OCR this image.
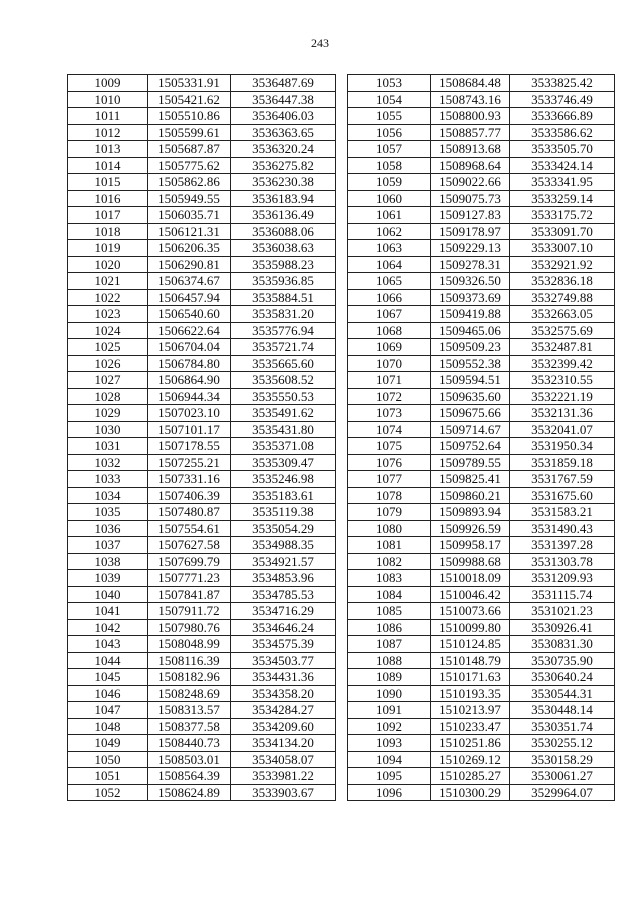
243
1009	1505331.91	3536487.69
1010	1505421.62	3536447.38
1011	1505510.86	3536406.03
1012	1505599.61	3536363.65
1013	1505687.87	3536320.24
1014	1505775.62	3536275.82
1015	1505862.86	3536230.38
1016	1505949.55	3536183.94
1017	1506035.71	3536136.49
1018	1506121.31	3536088.06
1019	1506206.35	3536038.63
1020	1506290.81	3535988.23
1021	1506374.67	3535936.85
1022	1506457.94	3535884.51
1023	1506540.60	3535831.20
1024	1506622.64	3535776.94
1025	1506704.04	3535721.74
1026	1506784.80	3535665.60
1027	1506864.90	3535608.52
1028	1506944.34	3535550.53
1029	1507023.10	3535491.62
1030	1507101.17	3535431.80
1031	1507178.55	3535371.08
1032	1507255.21	3535309.47
1033	1507331.16	3535246.98
1034	1507406.39	3535183.61
1035	1507480.87	3535119.38
1036	1507554.61	3535054.29
1037	1507627.58	3534988.35
1038	1507699.79	3534921.57
1039	1507771.23	3534853.96
1040	1507841.87	3534785.53
1041	1507911.72	3534716.29
1042	1507980.76	3534646.24
1043	1508048.99	3534575.39
1044	1508116.39	3534503.77
1045	1508182.96	3534431.36
1046	1508248.69	3534358.20
1047	1508313.57	3534284.27
1048	1508377.58	3534209.60
1049	1508440.73	3534134.20
1050	1508503.01	3534058.07
1051	1508564.39	3533981.22
1052	1508624.89	3533903.67
1053	1508684.48	3533825.42
1054	1508743.16	3533746.49
1055	1508800.93	3533666.89
1056	1508857.77	3533586.62
1057	1508913.68	3533505.70
1058	1508968.64	3533424.14
1059	1509022.66	3533341.95
1060	1509075.73	3533259.14
1061	1509127.83	3533175.72
1062	1509178.97	3533091.70
1063	1509229.13	3533007.10
1064	1509278.31	3532921.92
1065	1509326.50	3532836.18
1066	1509373.69	3532749.88
1067	1509419.88	3532663.05
1068	1509465.06	3532575.69
1069	1509509.23	3532487.81
1070	1509552.38	3532399.42
1071	1509594.51	3532310.55
1072	1509635.60	3532221.19
1073	1509675.66	3532131.36
1074	1509714.67	3532041.07
1075	1509752.64	3531950.34
1076	1509789.55	3531859.18
1077	1509825.41	3531767.59
1078	1509860.21	3531675.60
1079	1509893.94	3531583.21
1080	1509926.59	3531490.43
1081	1509958.17	3531397.28
1082	1509988.68	3531303.78
1083	1510018.09	3531209.93
1084	1510046.42	3531115.74
1085	1510073.66	3531021.23
1086	1510099.80	3530926.41
1087	1510124.85	3530831.30
1088	1510148.79	3530735.90
1089	1510171.63	3530640.24
1090	1510193.35	3530544.31
1091	1510213.97	3530448.14
1092	1510233.47	3530351.74
1093	1510251.86	3530255.12
1094	1510269.12	3530158.29
1095	1510285.27	3530061.27
1096	1510300.29	3529964.07
